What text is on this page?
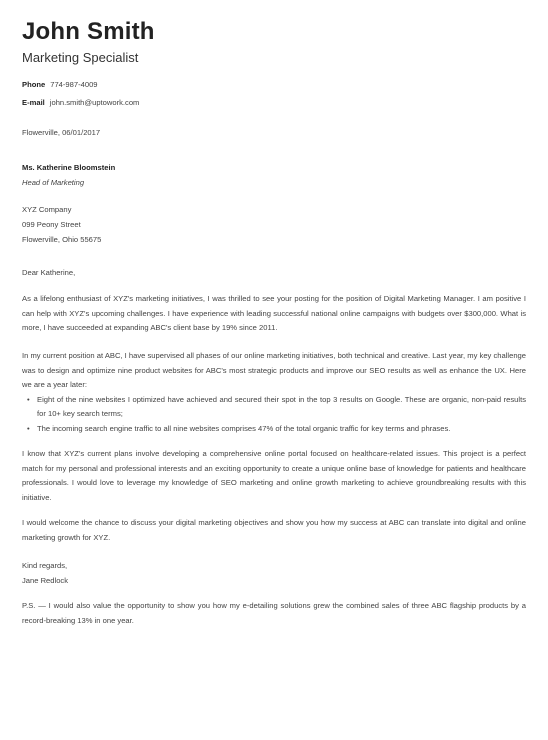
John Smith
Marketing Specialist
Phone 774-987-4009
E-mail john.smith@uptowork.com
Flowerville, 06/01/2017
Ms. Katherine Bloomstein
Head of Marketing
XYZ Company
099 Peony Street
Flowerville, Ohio 55675
Dear Katherine,
As a lifelong enthusiast of XYZ's marketing initiatives, I was thrilled to see your posting for the position of Digital Marketing Manager. I am positive I can help with XYZ's upcoming challenges. I have experience with leading successful national online campaigns with budgets over $300,000. What is more, I have succeeded at expanding ABC's client base by 19% since 2011.
In my current position at ABC, I have supervised all phases of our online marketing initiatives, both technical and creative. Last year, my key challenge was to design and optimize nine product websites for ABC's most strategic products and improve our SEO results as well as enhance the UX. Here we are a year later:
• Eight of the nine websites I optimized have achieved and secured their spot in the top 3 results on Google. These are organic, non-paid results for 10+ key search terms;
• The incoming search engine traffic to all nine websites comprises 47% of the total organic traffic for key terms and phrases.
I know that XYZ's current plans involve developing a comprehensive online portal focused on healthcare-related issues. This project is a perfect match for my personal and professional interests and an exciting opportunity to create a unique online base of knowledge for patients and healthcare professionals. I would love to leverage my knowledge of SEO marketing and online growth marketing to achieve groundbreaking results with this initiative.
I would welcome the chance to discuss your digital marketing objectives and show you how my success at ABC can translate into digital and online marketing growth for XYZ.
Kind regards,
Jane Redlock
P.S. — I would also value the opportunity to show you how my e-detailing solutions grew the combined sales of three ABC flagship products by a record-breaking 13% in one year.
